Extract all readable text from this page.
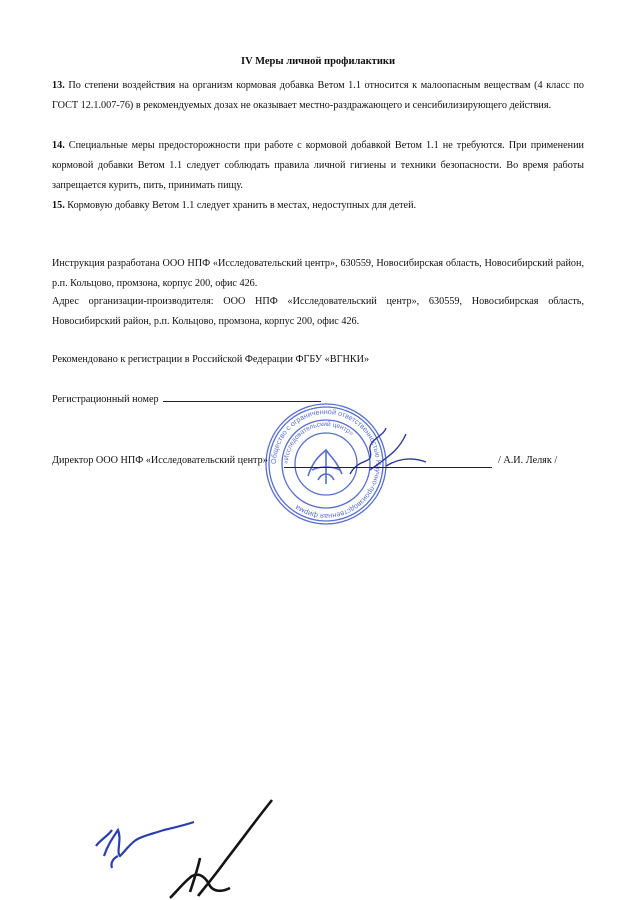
IV Меры личной профилактики
13. По степени воздействия на организм кормовая добавка Ветом 1.1 относится к малоопасным веществам (4 класс по ГОСТ 12.1.007-76) в рекомендуемых дозах не оказывает местно-раздражающего и сенсибилизирующего действия.
14. Специальные меры предосторожности при работе с кормовой добавкой Ветом 1.1 не требуются. При применении кормовой добавки Ветом 1.1 следует соблюдать правила личной гигиены и техники безопасности. Во время работы запрещается курить, пить, принимать пищу.
15. Кормовую добавку Ветом 1.1 следует хранить в местах, недоступных для детей.
Инструкция разработана ООО НПФ «Исследовательский центр», 630559, Новосибирская область, Новосибирский район, р.п. Кольцово, промзона, корпус 200, офис 426.
Адрес организации-производителя: ООО НПФ «Исследовательский центр», 630559, Новосибирская область, Новосибирский район, р.п. Кольцово, промзона, корпус 200, офис 426.
Рекомендовано к регистрации в Российской Федерации ФГБУ «ВГНКИ»
Регистрационный номер
Общество с ограниченной ответственностью Научно-производственная фирма
«Исследовательский центр»
Директор ООО НПФ «Исследовательский центр»	/ А.И. Леляк /
